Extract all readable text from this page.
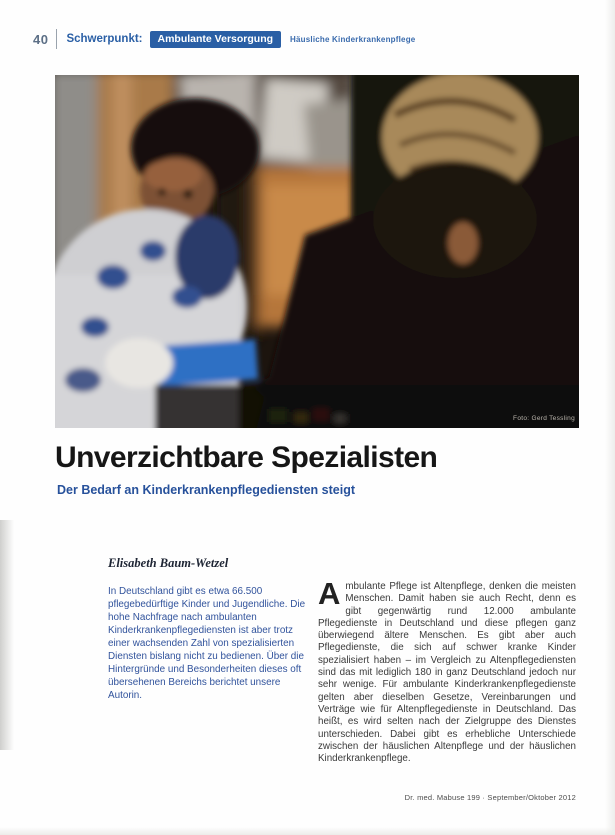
40 Schwerpunkt:	Ambulante Versorgung	Häusliche Kinderkrankenpflege
Foto: Gerd Tessling
Unverzichtbare Spezialisten
Der Bedarf an Kinderkrankenpflegediensten steigt
Elisabeth Baum-Wetzel
In Deutschland gibt es etwa 66.500 pflegebedürftige Kinder und Jugendliche. Die hohe Nachfrage nach ambulanten Kinderkrankenpflegediensten ist aber trotz einer wachsenden Zahl von spezialisierten Diensten bislang nicht zu bedienen. Über die Hintergründe und Besonderheiten dieses oft übersehenen Bereichs berichtet unsere Autorin.
Ambulante Pflege ist Altenpflege, denken die meisten Menschen. Damit haben sie auch Recht, denn es gibt gegenwärtig rund 12.000 ambulante Pflegedienste in Deutschland und diese pflegen ganz überwiegend ältere Menschen. Es gibt aber auch Pflegedienste, die sich auf schwer kranke Kinder spezialisiert haben – im Vergleich zu Altenpflegediensten sind das mit lediglich 180 in ganz Deutschland jedoch nur sehr wenige. Für ambulante Kinderkrankenpflegedienste gelten aber dieselben Gesetze, Vereinbarungen und Verträge wie für Altenpflegedienste in Deutschland. Das heißt, es wird selten nach der Zielgruppe des Dienstes unterschieden. Dabei gibt es erhebliche Unterschiede zwischen der häuslichen Altenpflege und der häuslichen Kinderkrankenpflege.
Dr. med. Mabuse 199 · September/Oktober 2012
